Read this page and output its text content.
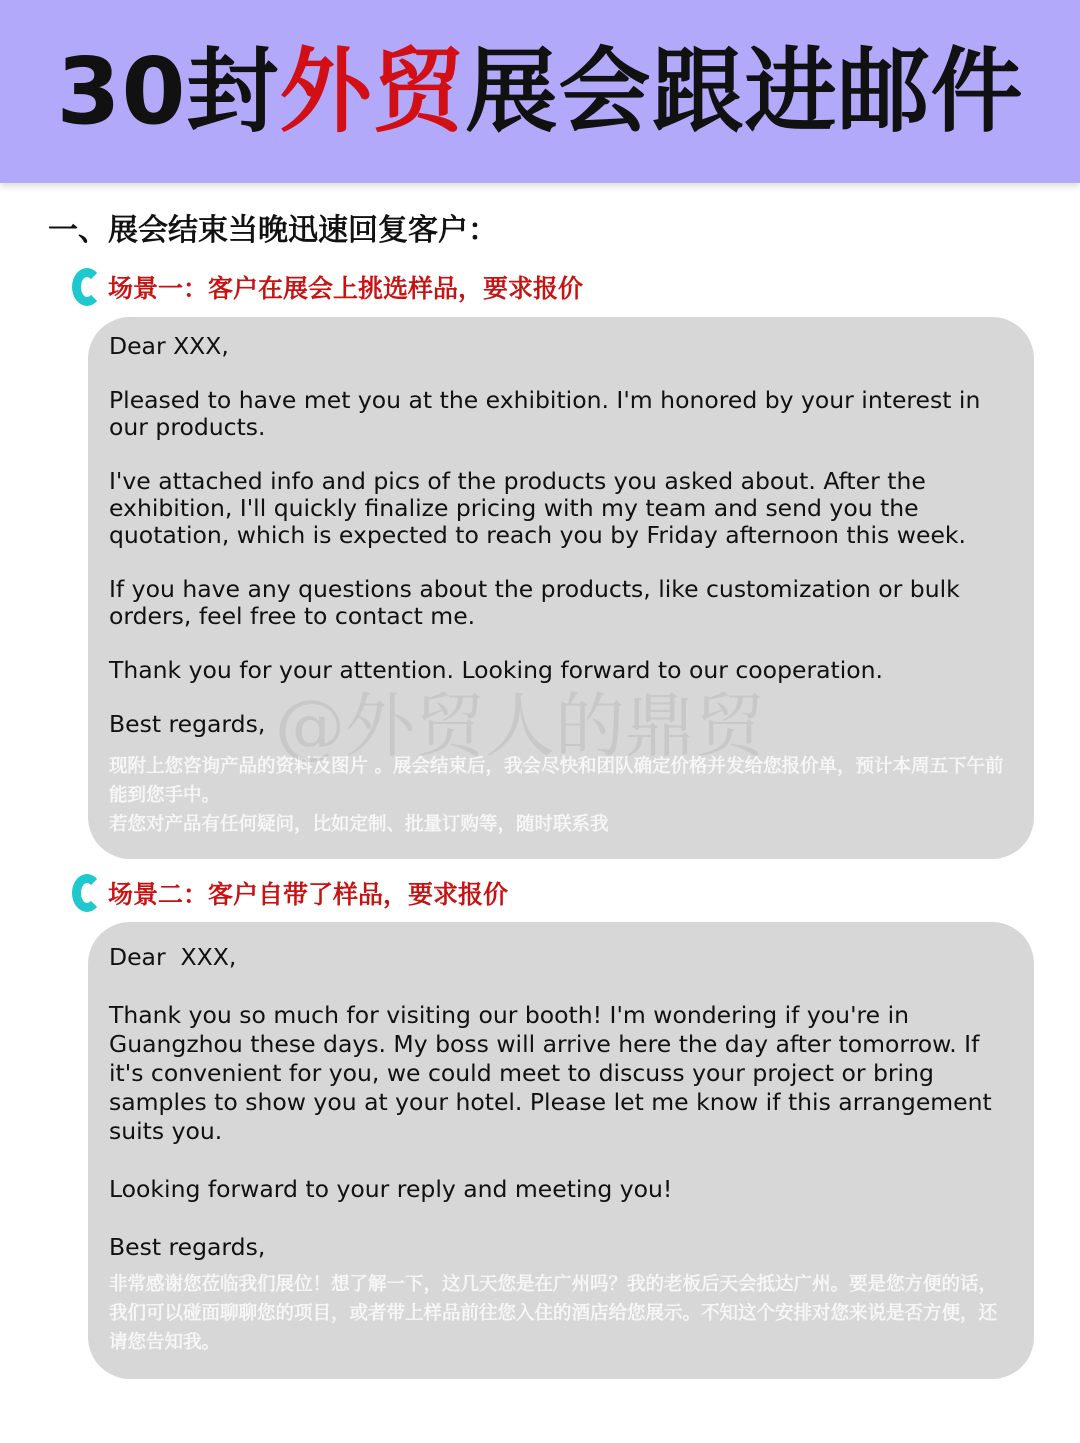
30封外贸展会跟进邮件
一、展会结束当晚迅速回复客户：
场景一：客户在展会上挑选样品，要求报价

Dear XXX,

Pleased to have met you at the exhibition. I'm honored by your interest in our products.

I've attached info and pics of the products you asked about. After the exhibition, I'll quickly finalize pricing with my team and send you the quotation, which is expected to reach you by Friday afternoon this week.

If you have any questions about the products, like customization or bulk orders, feel free to contact me.

Thank you for your attention. Looking forward to our cooperation.

Best regards,

现附上您咨询产品的资料及图片 。展会结束后，我会尽快和团队确定价格并发给您报价单，预计本周五下午前能到您手中。

若您对产品有任何疑问，比如定制、批量订购等，随时联系我

@外贸人的鼎贸
场景二：客户自带了样品，要求报价

Dear  XXX,

Thank you so much for visiting our booth! I'm wondering if you're in Guangzhou these days. My boss will arrive here the day after tomorrow. If it's convenient for you, we could meet to discuss your project or bring samples to show you at your hotel. Please let me know if this arrangement suits you.

Looking forward to your reply and meeting you!

Best regards,

非常感谢您莅临我们展位！想了解一下，这几天您是在广州吗？我的老板后天会抵达广州。要是您方便的话，我们可以碰面聊聊您的项目，或者带上样品前往您入住的酒店给您展示。不知这个安排对您来说是否方便，还请您告知我。
